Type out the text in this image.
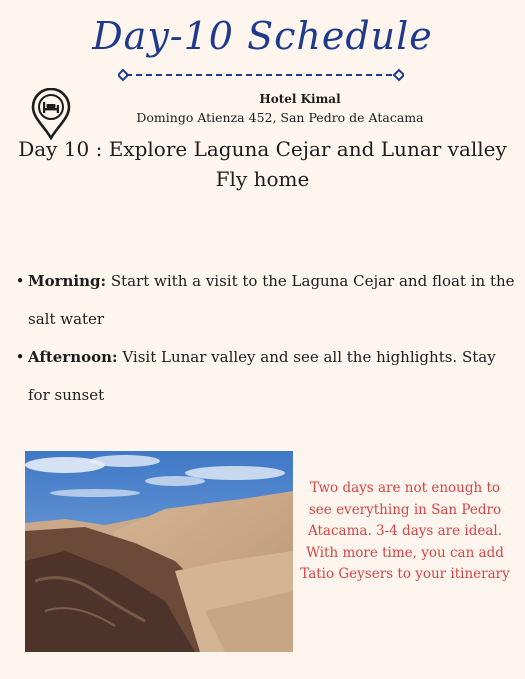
Day-10 Schedule
Hotel Kimal
Domingo Atienza 452, San Pedro de Atacama
Day 10 : Explore Laguna Cejar and Lunar valley
Fly home
• Morning: Start with a visit to the Laguna Cejar and float in the salt water
• Afternoon: Visit Lunar valley and see all the highlights. Stay for sunset
Two days are not enough to see everything in San Pedro Atacama. 3-4 days are ideal. With more time, you can add Tatio Geysers to your itinerary
